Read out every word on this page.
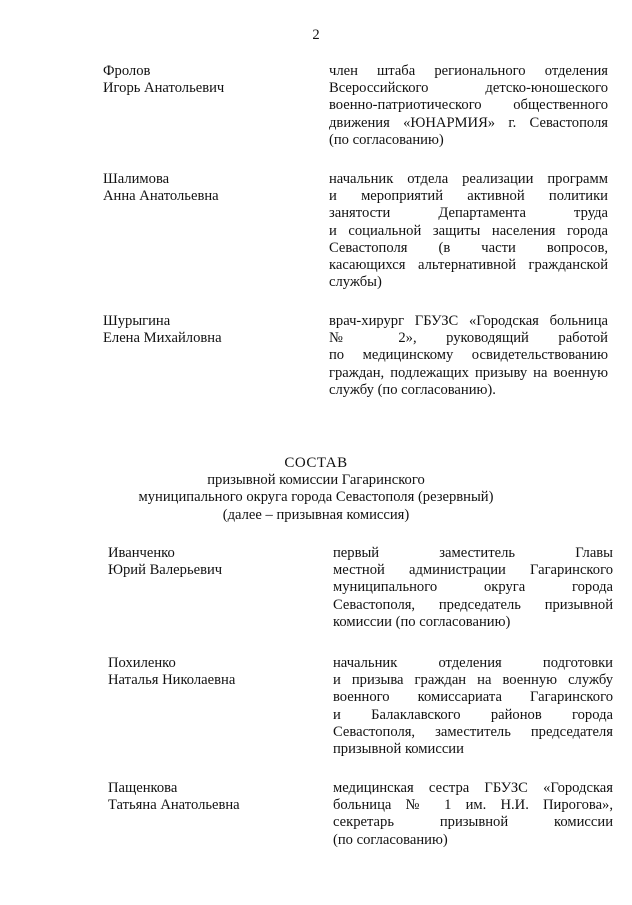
2
Фролов
Игорь Анатольевич
член штаба регионального отделения
Всероссийского детско-юношеского
военно-патриотического общественного
движения «ЮНАРМИЯ» г. Севастополя
(по согласованию)
Шалимова
Анна Анатольевна
начальник отдела реализации программ
и мероприятий активной политики
занятости Департамента труда
и социальной защиты населения города
Севастополя (в части вопросов,
касающихся альтернативной гражданской
службы)
Шурыгина
Елена Михайловна
врач-хирург ГБУЗС «Городская больница
№ 2», руководящий работой
по медицинскому освидетельствованию
граждан, подлежащих призыву на военную
службу (по согласованию).
СОСТАВ
призывной комиссии Гагаринского
муниципального округа города Севастополя (резервный)
(далее – призывная комиссия)
Иванченко
Юрий Валерьевич
первый заместитель Главы
местной администрации Гагаринского
муниципального округа города
Севастополя, председатель призывной
комиссии (по согласованию)
Похиленко
Наталья Николаевна
начальник отделения подготовки
и призыва граждан на военную службу
военного комиссариата Гагаринского
и Балаклавского районов города
Севастополя, заместитель председателя
призывной комиссии
Пащенкова
Татьяна Анатольевна
медицинская сестра ГБУЗС «Городская
больница № 1 им. Н.И. Пирогова»,
секретарь призывной комиссии
(по согласованию)
